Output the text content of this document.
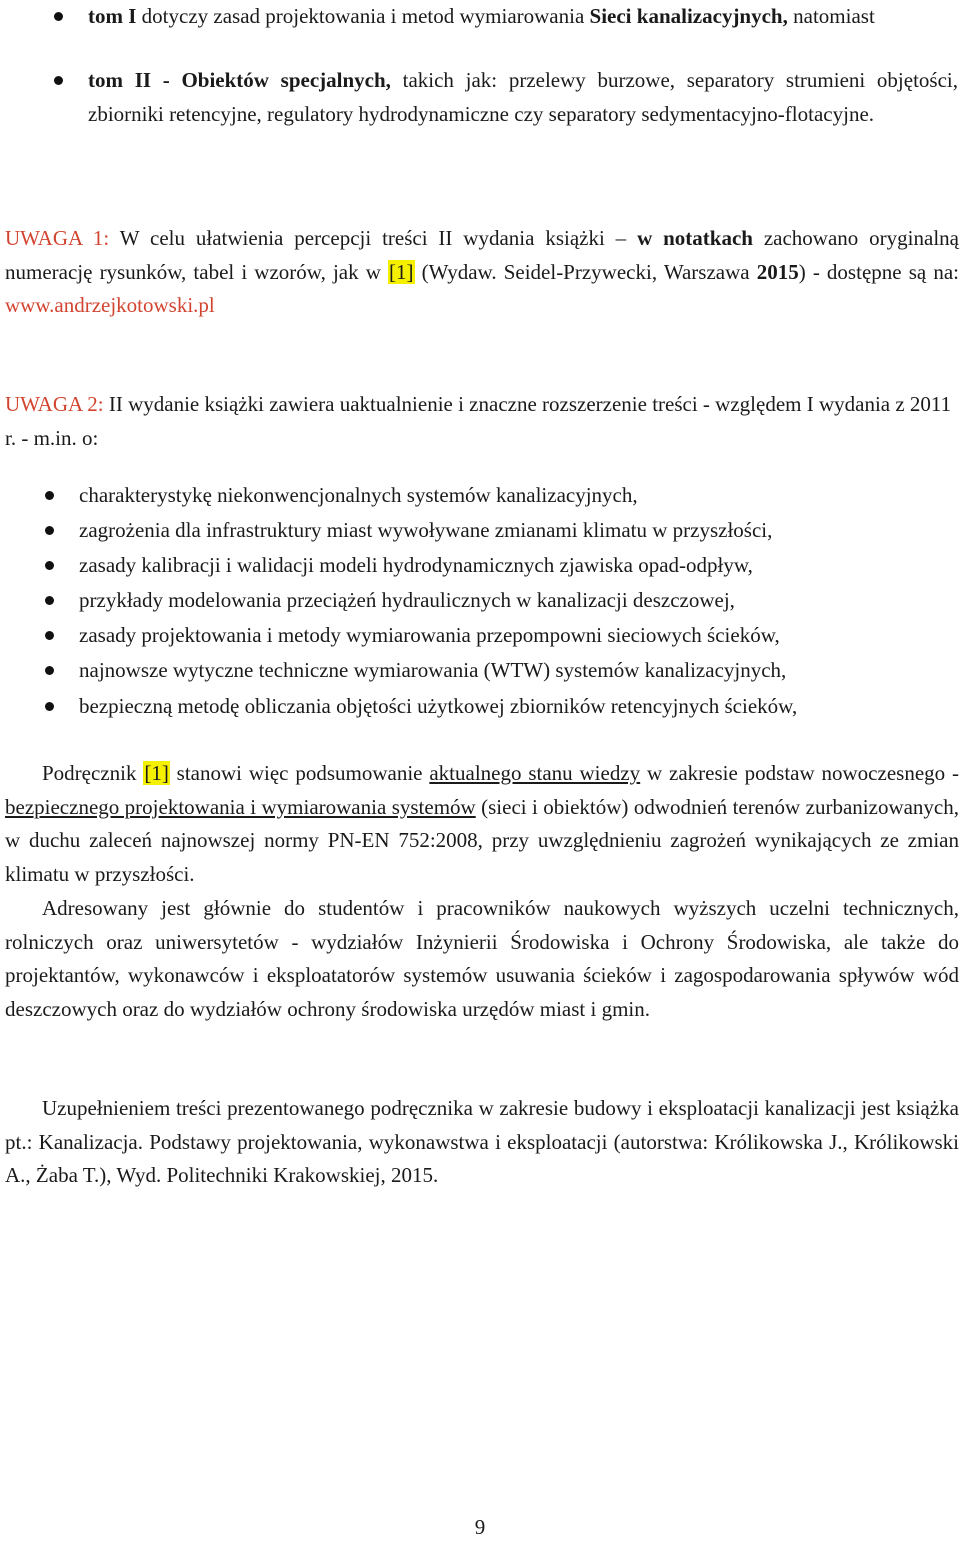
tom I dotyczy zasad projektowania i metod wymiarowania Sieci kanalizacyjnych, natomiast
tom II - Obiektów specjalnych, takich jak: przelewy burzowe, separatory strumieni objętości, zbiorniki retencyjne, regulatory hydrodynamiczne czy separatory sedymentacyjno-flotacyjne.

UWAGA 1: W celu ułatwienia percepcji treści II wydania książki – w notatkach zachowano oryginalną numerację rysunków, tabel i wzorów, jak w [1] (Wydaw. Seidel-Przywecki, Warszawa 2015) - dostępne są na: www.andrzejkotowski.pl

UWAGA 2: II wydanie książki zawiera uaktualnienie i znaczne rozszerzenie treści - względem I wydania z 2011 r. - m.in. o:

charakterystykę niekonwencjonalnych systemów kanalizacyjnych,
zagrożenia dla infrastruktury miast wywoływane zmianami klimatu w przyszłości,
zasady kalibracji i walidacji modeli hydrodynamicznych zjawiska opad-odpływ,
przykłady modelowania przeciążeń hydraulicznych w kanalizacji deszczowej,
zasady projektowania i metody wymiarowania przepompowni sieciowych ścieków,
najnowsze wytyczne techniczne wymiarowania (WTW) systemów kanalizacyjnych,
bezpieczną metodę obliczania objętości użytkowej zbiorników retencyjnych ścieków,

Podręcznik [1] stanowi więc podsumowanie aktualnego stanu wiedzy w zakresie podstaw nowoczesnego - bezpiecznego projektowania i wymiarowania systemów (sieci i obiektów) odwodnień terenów zurbanizowanych, w duchu zaleceń najnowszej normy PN-EN 752:2008, przy uwzględnieniu zagrożeń wynikających ze zmian klimatu w przyszłości.

Adresowany jest głównie do studentów i pracowników naukowych wyższych uczelni technicznych, rolniczych oraz uniwersytetów - wydziałów Inżynierii Środowiska i Ochrony Środowiska, ale także do projektantów, wykonawców i eksploatatorów systemów usuwania ścieków i zagospodarowania spływów wód deszczowych oraz do wydziałów ochrony środowiska urzędów miast i gmin.

Uzupełnieniem treści prezentowanego podręcznika w zakresie budowy i eksploatacji kanalizacji jest książka pt.: Kanalizacja. Podstawy projektowania, wykonawstwa i eksploatacji (autorstwa: Królikowska J., Królikowski A., Żaba T.), Wyd. Politechniki Krakowskiej, 2015.

9
